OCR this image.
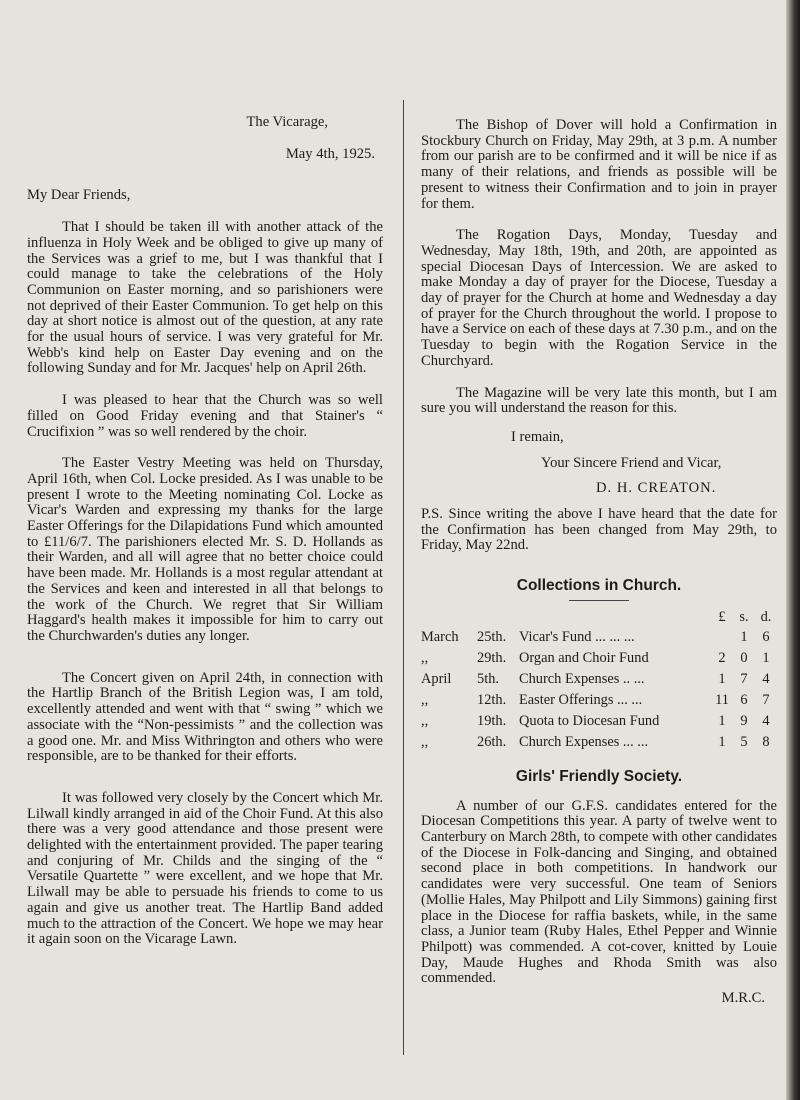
The Vicarage,

May 4th, 1925.

My Dear Friends,

That I should be taken ill with another attack of the influenza in Holy Week and be obliged to give up many of the Services was a grief to me, but I was thankful that I could manage to take the celebrations of the Holy Communion on Easter morning, and so parishioners were not deprived of their Easter Communion. To get help on this day at short notice is almost out of the question, at any rate for the usual hours of service. I was very grateful for Mr. Webb's kind help on Easter Day evening and on the following Sunday and for Mr. Jacques' help on April 26th.

I was pleased to hear that the Church was so well filled on Good Friday evening and that Stainer's “ Crucifixion ” was so well rendered by the choir.

The Easter Vestry Meeting was held on Thursday, April 16th, when Col. Locke presided. As I was unable to be present I wrote to the Meeting nominating Col. Locke as Vicar's Warden and expressing my thanks for the large Easter Offerings for the Dilapidations Fund which amounted to £11/6/7. The parishioners elected Mr. S. D. Hollands as their Warden, and all will agree that no better choice could have been made. Mr. Hollands is a most regular attendant at the Services and keen and interested in all that belongs to the work of the Church. We regret that Sir William Haggard's health makes it impossible for him to carry out the Churchwarden's duties any longer.

The Concert given on April 24th, in connection with the Hartlip Branch of the British Legion was, I am told, excellently attended and went with that “ swing ” which we associate with the “Non-pessimists ” and the collection was a good one. Mr. and Miss Withrington and others who were responsible, are to be thanked for their efforts.

It was followed very closely by the Concert which Mr. Lilwall kindly arranged in aid of the Choir Fund. At this also there was a very good attendance and those present were delighted with the entertainment provided. The paper tearing and conjuring of Mr. Childs and the singing of the “ Versatile Quartette ” were excellent, and we hope that Mr. Lilwall may be able to persuade his friends to come to us again and give us another treat. The Hartlip Band added much to the attraction of the Concert. We hope we may hear it again soon on the Vicarage Lawn.

The Bishop of Dover will hold a Confirmation in Stockbury Church on Friday, May 29th, at 3 p.m. A number from our parish are to be confirmed and it will be nice if as many of their relations, and friends as possible will be present to witness their Confirmation and to join in prayer for them.

The Rogation Days, Monday, Tuesday and Wednesday, May 18th, 19th, and 20th, are appointed as special Diocesan Days of Intercession. We are asked to make Monday a day of prayer for the Diocese, Tuesday a day of prayer for the Church at home and Wednesday a day of prayer for the Church throughout the world. I propose to have a Service on each of these days at 7.30 p.m., and on the Tuesday to begin with the Rogation Service in the Churchyard.

The Magazine will be very late this month, but I am sure you will understand the reason for this.

I remain,

Your Sincere Friend and Vicar,

D. H. CREATON.

P.S. Since writing the above I have heard that the date for the Confirmation has been changed from May 29th, to Friday, May 22nd.

Collections in Church.
			£	s.	d.
March	25th.	Vicar's Fund ... ... ...		1	6
,,	29th.	Organ and Choir Fund	2	0	1
April	5th.	Church Expenses .. ...	1	7	4
,,	12th.	Easter Offerings ... ...	11	6	7
,,	19th.	Quota to Diocesan Fund	1	9	4
,,	26th.	Church Expenses ... ...	1	5	8
Girls' Friendly Society.

A number of our G.F.S. candidates entered for the Diocesan Competitions this year. A party of twelve went to Canterbury on March 28th, to compete with other candidates of the Diocese in Folk-dancing and Singing, and obtained second place in both competitions. In handwork our candidates were very successful. One team of Seniors (Mollie Hales, May Philpott and Lily Simmons) gaining first place in the Diocese for raffia baskets, while, in the same class, a Junior team (Ruby Hales, Ethel Pepper and Winnie Philpott) was commended. A cot-cover, knitted by Louie Day, Maude Hughes and Rhoda Smith was also commended.

M.R.C.
